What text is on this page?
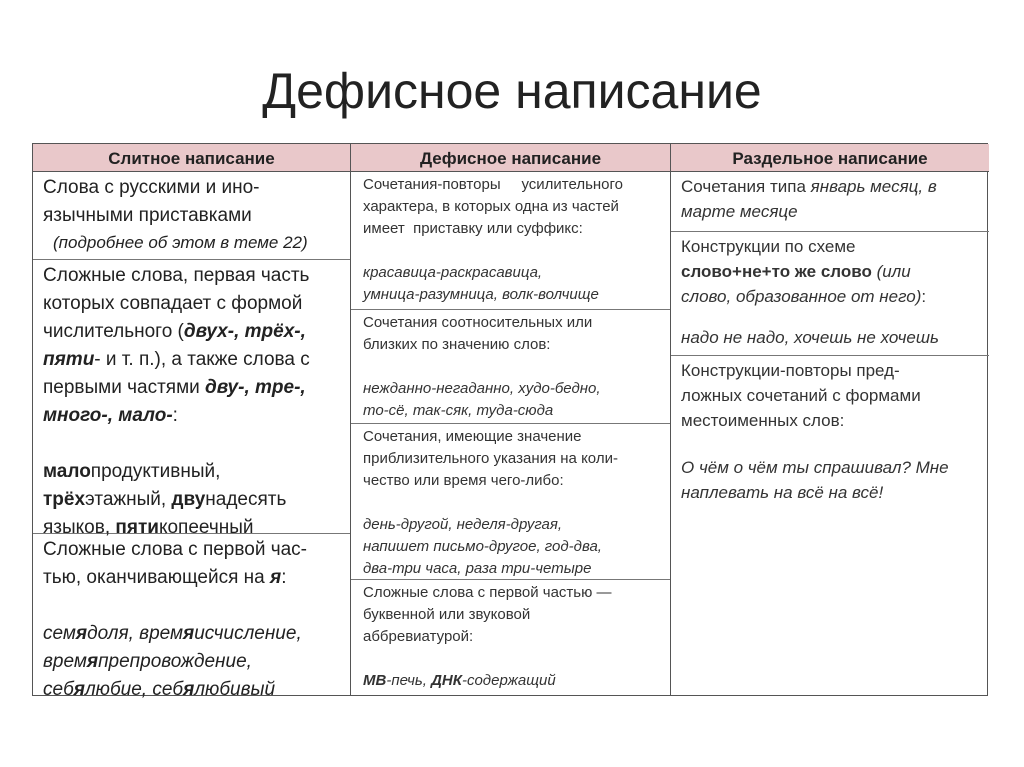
Дефисное написание
Слитное написание
Слова с русскими и ино-
язычными приставками
(подробнее об этом в теме 22)
Сложные слова, первая часть
которых совпадает с формой
числительного (двух-, трёх-,
пяти- и т. п.), а также слова с
первыми частями дву-, тре-,
много-, мало-:
малопродуктивный,
трёхэтажный, двунадесять
языков, пятикопеечный
Сложные слова с первой час-
тью, оканчивающейся на я:
семядоля, времяисчисление,
времяпрепровождение,
себялюбие, себялюбивый
Дефисное написание
Сочетания-повторы     усилительного
характера, в которых одна из частей
имеет  приставку или суффикс:
красавица-раскрасавица,
умница-разумница, волк-волчище
Сочетания соотносительных или
близких по значению слов:
нежданно-негаданно, худо-бедно,
то-сё, так-сяк, туда-сюда
Сочетания, имеющие значение
приблизительного указания на коли-
чество или время чего-либо:
день-другой, неделя-другая,
напишет письмо-другое, год-два,
два-три часа, раза три-четыре
Сложные слова с первой частью —
буквенной или звуковой
аббревиатурой:
МВ-печь, ДНК-содержащий
Раздельное написание
Сочетания типа январь месяц, в
марте месяце
Конструкции по схеме
слово+не+то же слово (или
слово, образованное от него):
надо не надо, хочешь не хочешь
Конструкции-повторы пред-
ложных сочетаний с формами
местоименных слов:
О чём о чём ты спрашивал? Мне
наплевать на всё на всё!
